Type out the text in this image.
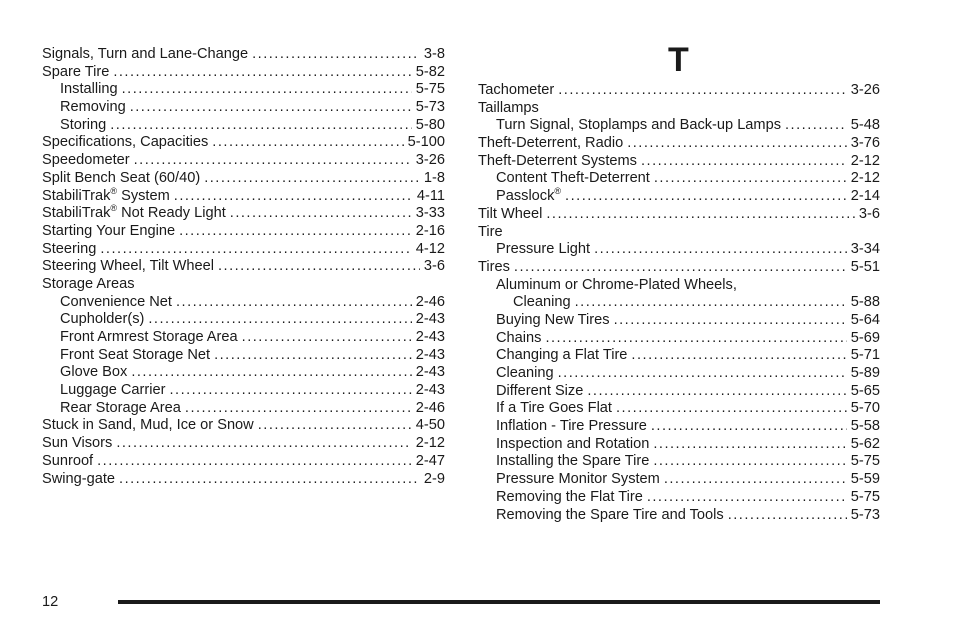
Signals, Turn and Lane-Change .....	3-8
Spare Tire .....	5-82
Installing .....	5-75
Removing .....	5-73
Storing .....	5-80
Specifications, Capacities .....	5-100
Speedometer .....	3-26
Split Bench Seat (60/40) .....	1-8
StabiliTrak® System .....	4-11
StabiliTrak® Not Ready Light .....	3-33
Starting Your Engine .....	2-16
Steering .....	4-12
Steering Wheel, Tilt Wheel .....	3-6
Storage Areas
Convenience Net .....	2-46
Cupholder(s) .....	2-43
Front Armrest Storage Area .....	2-43
Front Seat Storage Net .....	2-43
Glove Box .....	2-43
Luggage Carrier .....	2-43
Rear Storage Area .....	2-46
Stuck in Sand, Mud, Ice or Snow .....	4-50
Sun Visors .....	2-12
Sunroof .....	2-47
Swing-gate .....	2-9
T
Tachometer .....	3-26
Taillamps
Turn Signal, Stoplamps and Back-up Lamps .....	5-48
Theft-Deterrent, Radio .....	3-76
Theft-Deterrent Systems .....	2-12
Content Theft-Deterrent .....	2-12
Passlock® .....	2-14
Tilt Wheel .....	3-6
Tire
Pressure Light .....	3-34
Tires .....	5-51
Aluminum or Chrome-Plated Wheels,
Cleaning .....	5-88
Buying New Tires .....	5-64
Chains .....	5-69
Changing a Flat Tire .....	5-71
Cleaning .....	5-89
Different Size .....	5-65
If a Tire Goes Flat .....	5-70
Inflation - Tire Pressure .....	5-58
Inspection and Rotation .....	5-62
Installing the Spare Tire .....	5-75
Pressure Monitor System .....	5-59
Removing the Flat Tire .....	5-75
Removing the Spare Tire and Tools .....	5-73
12
